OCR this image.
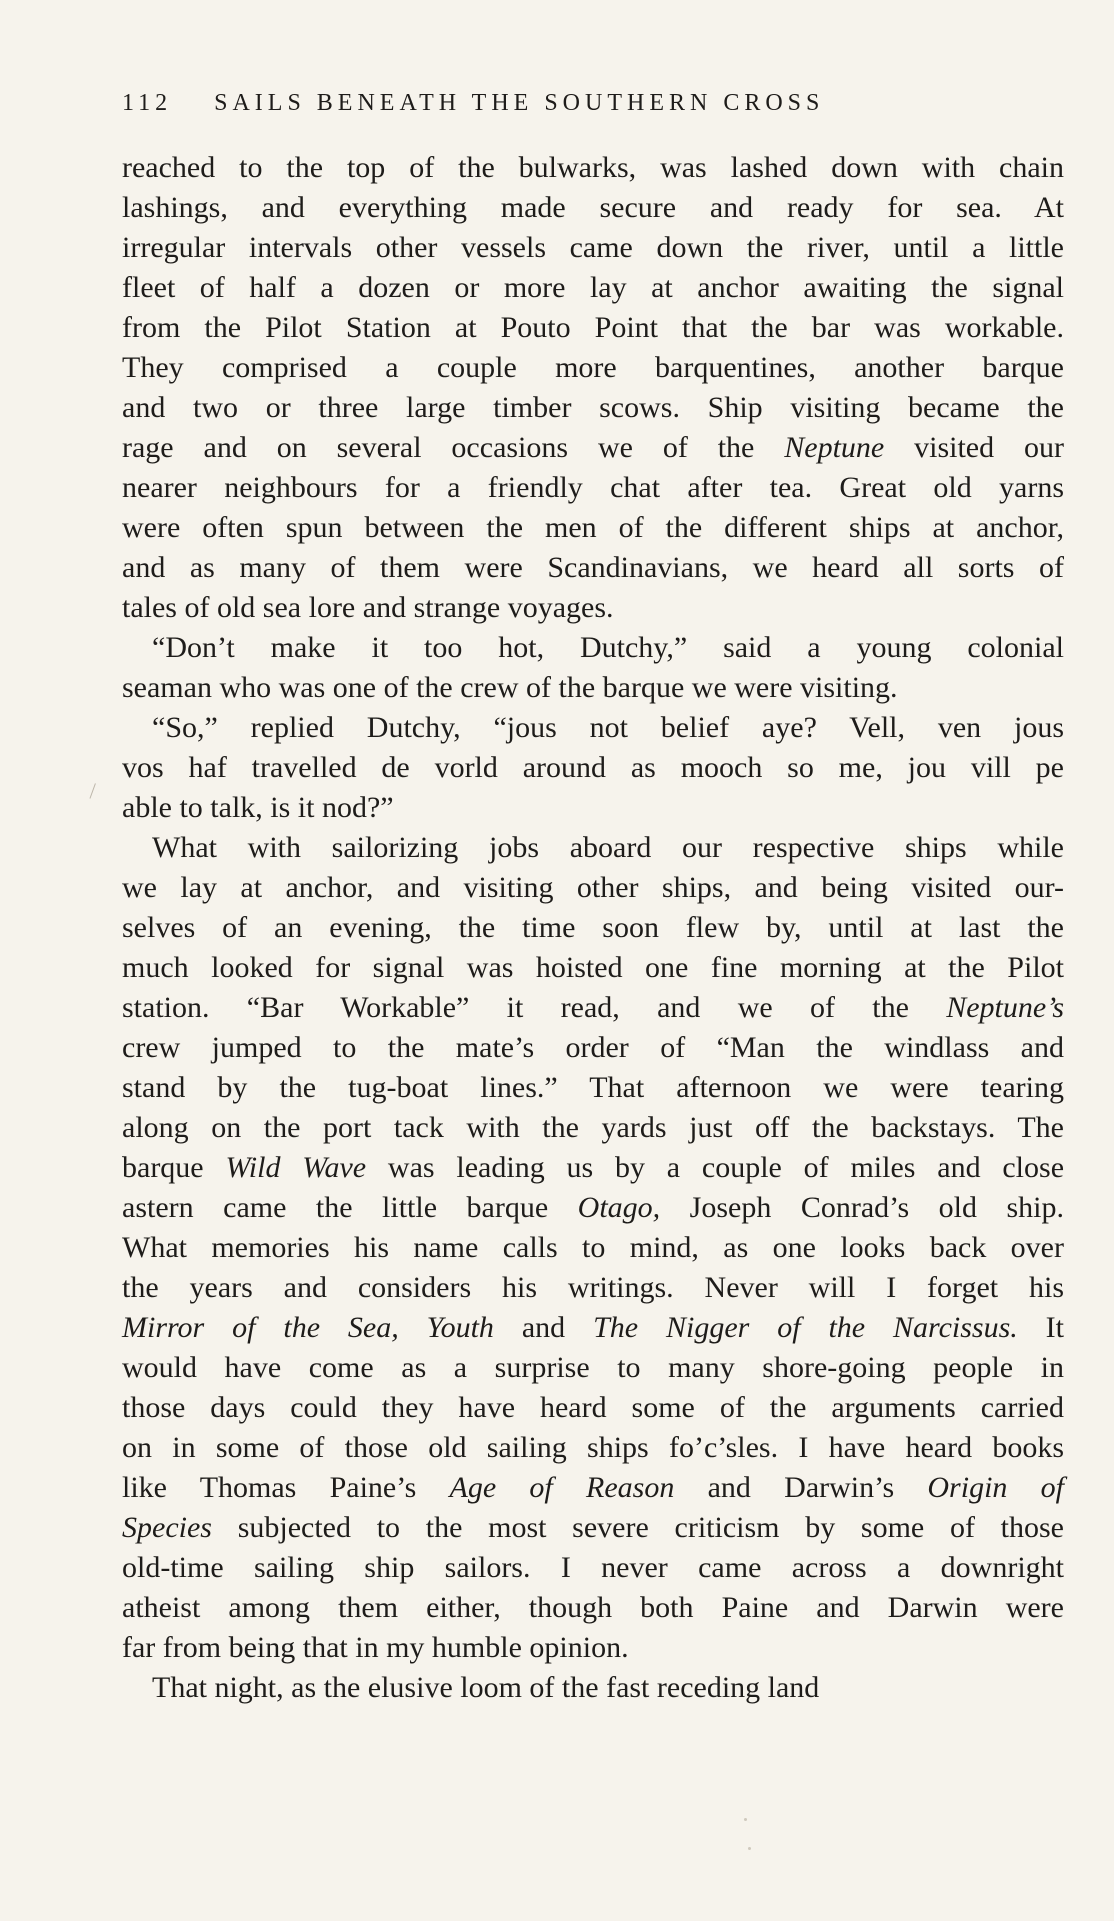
112 SAILS BENEATH THE SOUTHERN CROSS
reached to the top of the bulwarks, was lashed down with chain
lashings, and everything made secure and ready for sea. At
irregular intervals other vessels came down the river, until a little
fleet of half a dozen or more lay at anchor awaiting the signal
from the Pilot Station at Pouto Point that the bar was workable.
They comprised a couple more barquentines, another barque
and two or three large timber scows. Ship visiting became the
rage and on several occasions we of the Neptune visited our
nearer neighbours for a friendly chat after tea. Great old yarns
were often spun between the men of the different ships at anchor,
and as many of them were Scandinavians, we heard all sorts of
tales of old sea lore and strange voyages.
“Don’t make it too hot, Dutchy,” said a young colonial
seaman who was one of the crew of the barque we were visiting.
“So,” replied Dutchy, “jous not belief aye? Vell, ven jous
vos haf travelled de vorld around as mooch so me, jou vill pe
able to talk, is it nod?”
What with sailorizing jobs aboard our respective ships while
we lay at anchor, and visiting other ships, and being visited our-
selves of an evening, the time soon flew by, until at last the
much looked for signal was hoisted one fine morning at the Pilot
station. “Bar Workable” it read, and we of the Neptune’s
crew jumped to the mate’s order of “Man the windlass and
stand by the tug-boat lines.” That afternoon we were tearing
along on the port tack with the yards just off the backstays. The
barque Wild Wave was leading us by a couple of miles and close
astern came the little barque Otago, Joseph Conrad’s old ship.
What memories his name calls to mind, as one looks back over
the years and considers his writings. Never will I forget his
Mirror of the Sea, Youth and The Nigger of the Narcissus. It
would have come as a surprise to many shore-going people in
those days could they have heard some of the arguments carried
on in some of those old sailing ships fo’c’sles. I have heard books
like Thomas Paine’s Age of Reason and Darwin’s Origin of
Species subjected to the most severe criticism by some of those
old-time sailing ship sailors. I never came across a downright
atheist among them either, though both Paine and Darwin were
far from being that in my humble opinion.
That night, as the elusive loom of the fast receding land
